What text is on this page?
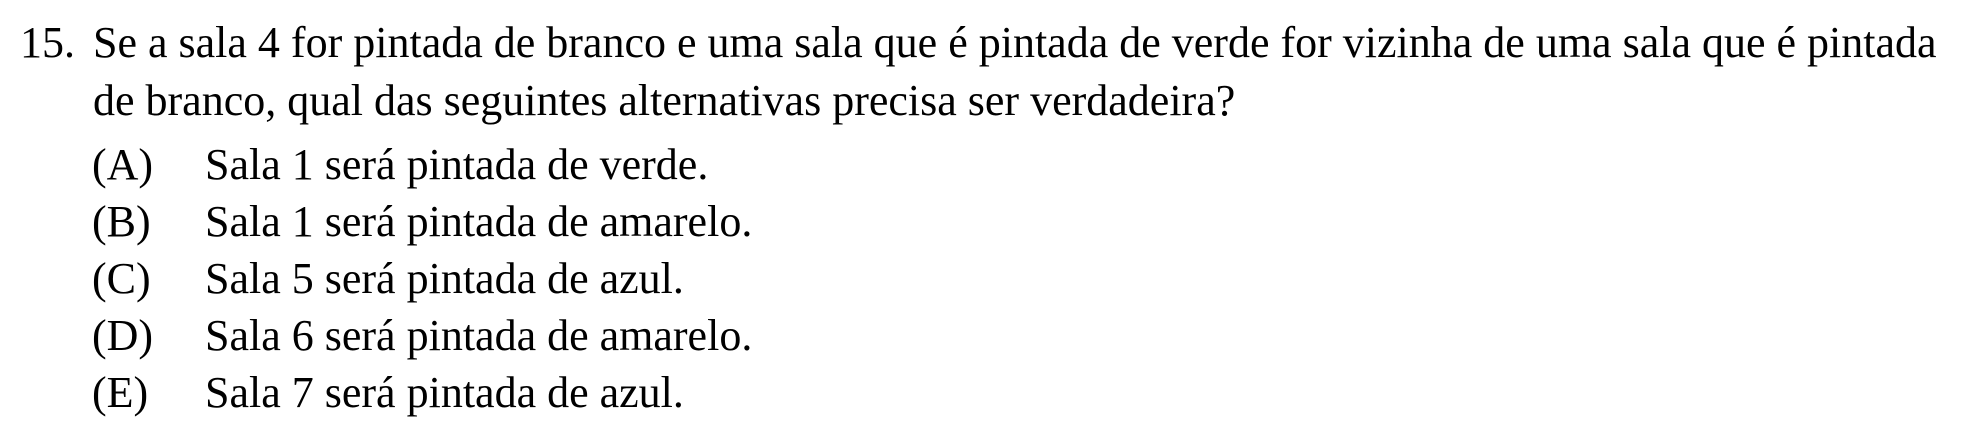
15. Se a sala 4 for pintada de branco e uma sala que é pintada de verde for vizinha de uma sala que é pintada de branco, qual das seguintes alternativas precisa ser verdadeira?
(A)	Sala 1 será pintada de verde.
(B)	Sala 1 será pintada de amarelo.
(C)	Sala 5 será pintada de azul.
(D)	Sala 6 será pintada de amarelo.
(E)	Sala 7 será pintada de azul.
